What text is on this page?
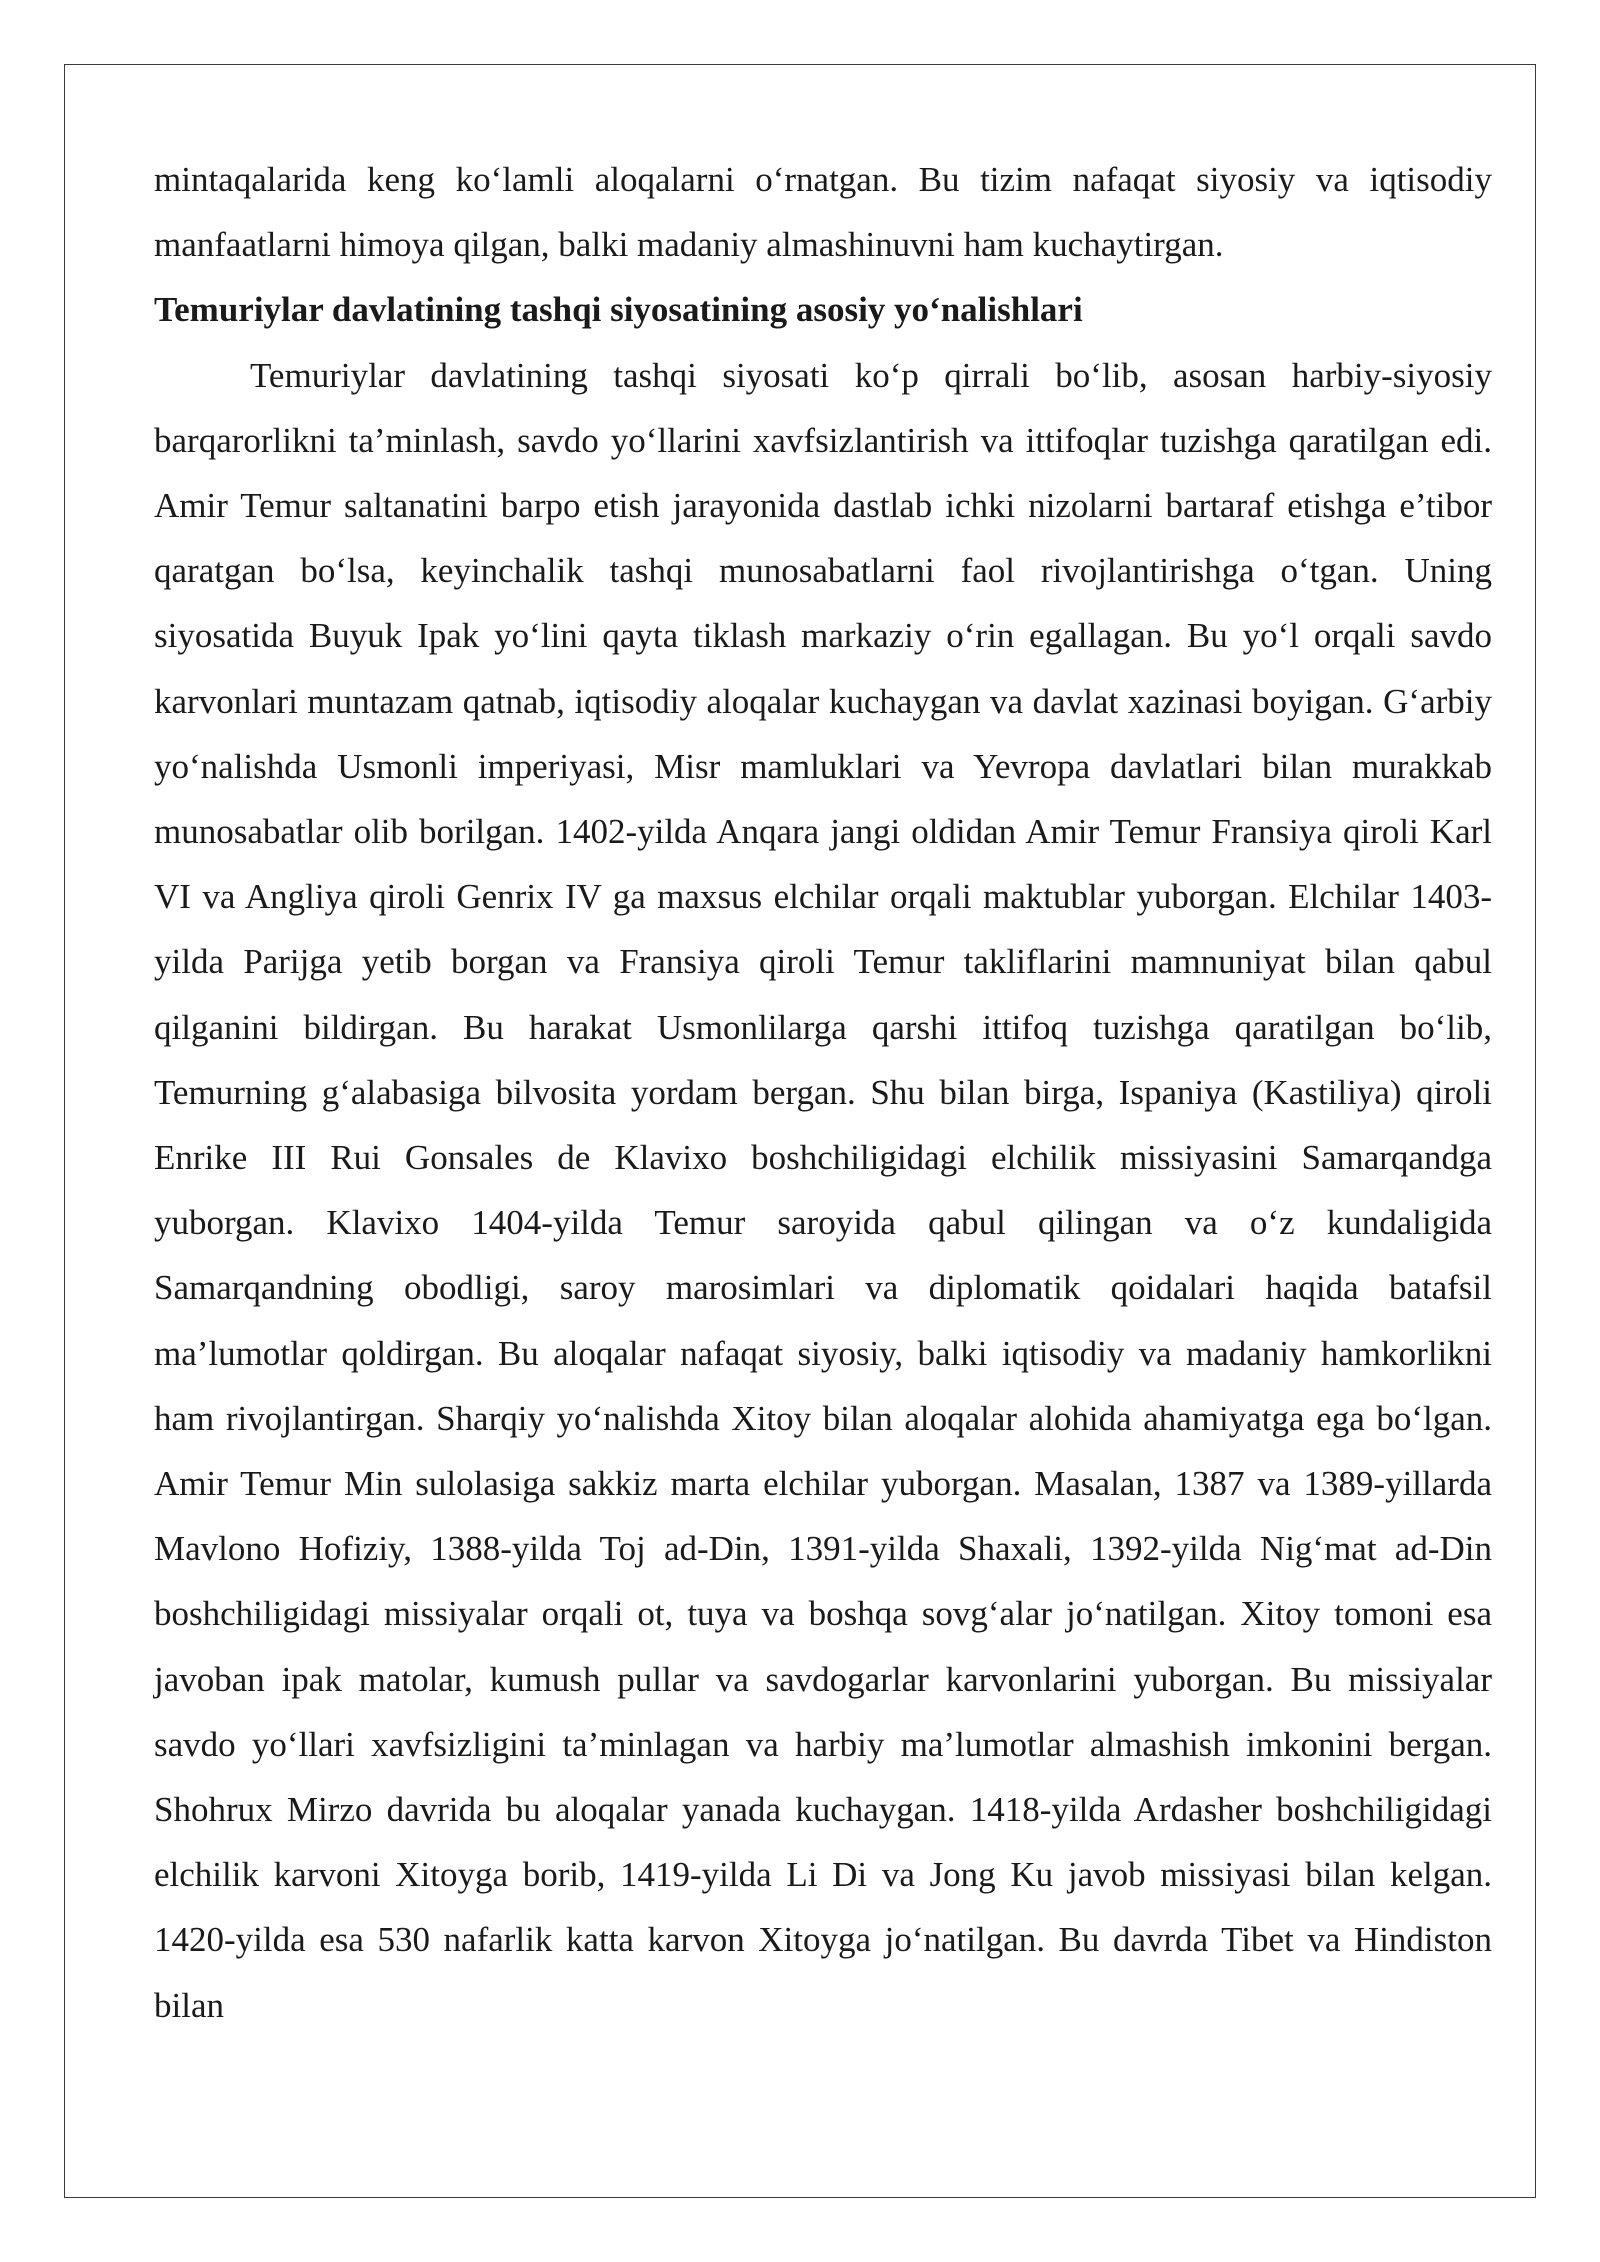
mintaqalarida keng koʻlamli aloqalarni oʻrnatgan. Bu tizim nafaqat siyosiy va iqtisodiy manfaatlarni himoya qilgan, balki madaniy almashinuvni ham kuchaytirgan.

Temuriylar davlatining tashqi siyosatining asosiy yoʻnalishlari

Temuriylar davlatining tashqi siyosati koʻp qirrali boʻlib, asosan harbiy-siyosiy barqarorlikni ta’minlash, savdo yoʻllarini xavfsizlantirish va ittifoqlar tuzishga qaratilgan edi. Amir Temur saltanatini barpo etish jarayonida dastlab ichki nizolarni bartaraf etishga e’tibor qaratgan boʻlsa, keyinchalik tashqi munosabatlarni faol rivojlantirishga oʻtgan. Uning siyosatida Buyuk Ipak yoʻlini qayta tiklash markaziy oʻrin egallagan. Bu yoʻl orqali savdo karvonlari muntazam qatnab, iqtisodiy aloqalar kuchaygan va davlat xazinasi boyigan. Gʻarbiy yoʻnalishda Usmonli imperiyasi, Misr mamluklari va Yevropa davlatlari bilan murakkab munosabatlar olib borilgan. 1402-yilda Anqara jangi oldidan Amir Temur Fransiya qiroli Karl VI va Angliya qiroli Genrix IV ga maxsus elchilar orqali maktublar yuborgan. Elchilar 1403-yilda Parijga yetib borgan va Fransiya qiroli Temur takliflarini mamnuniyat bilan qabul qilganini bildirgan. Bu harakat Usmonlilarga qarshi ittifoq tuzishga qaratilgan boʻlib, Temurning gʻalabasiga bilvosita yordam bergan. Shu bilan birga, Ispaniya (Kastiliya) qiroli Enrike III Rui Gonsales de Klavixo boshchiligidagi elchilik missiyasini Samarqandga yuborgan. Klavixo 1404-yilda Temur saroyida qabul qilingan va oʻz kundaligida Samarqandning obodligi, saroy marosimlari va diplomatik qoidalari haqida batafsil ma’lumotlar qoldirgan. Bu aloqalar nafaqat siyosiy, balki iqtisodiy va madaniy hamkorlikni ham rivojlantirgan. Sharqiy yoʻnalishda Xitoy bilan aloqalar alohida ahamiyatga ega boʻlgan. Amir Temur Min sulolasiga sakkiz marta elchilar yuborgan. Masalan, 1387 va 1389-yillarda Mavlono Hofiziy, 1388-yilda Toj ad-Din, 1391-yilda Shaxali, 1392-yilda Nigʻmat ad-Din boshchiligidagi missiyalar orqali ot, tuya va boshqa sovgʻalar joʻnatilgan. Xitoy tomoni esa javoban ipak matolar, kumush pullar va savdogarlar karvonlarini yuborgan. Bu missiyalar savdo yoʻllari xavfsizligini ta’minlagan va harbiy ma’lumotlar almashish imkonini bergan. Shohrux Mirzo davrida bu aloqalar yanada kuchaygan. 1418-yilda Ardasher boshchiligidagi elchilik karvoni Xitoyga borib, 1419-yilda Li Di va Jong Ku javob missiyasi bilan kelgan. 1420-yilda esa 530 nafarlik katta karvon Xitoyga joʻnatilgan. Bu davrda Tibet va Hindiston bilan
